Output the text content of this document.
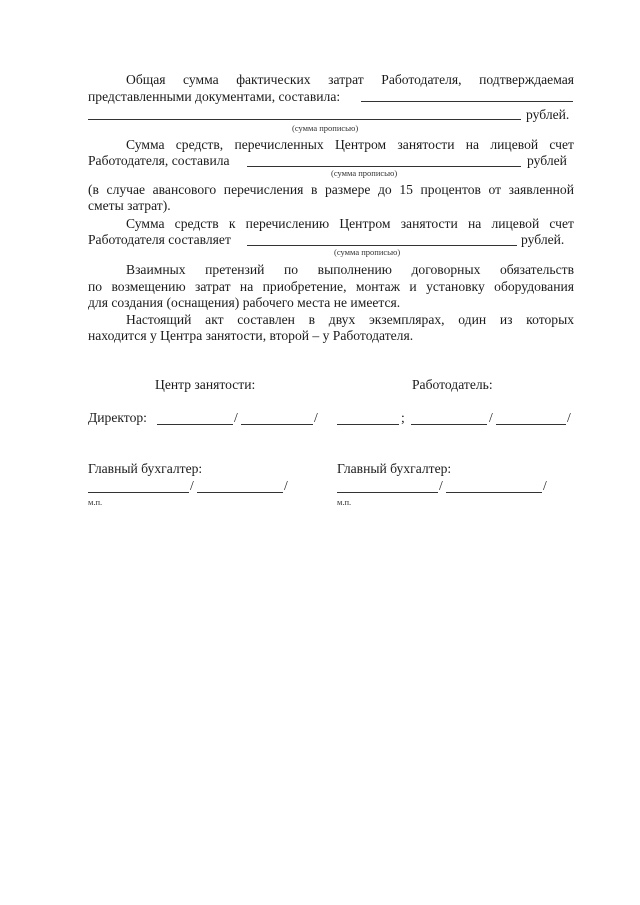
Общая сумма фактических затрат Работодателя, подтверждаемая
представленными документами, составила:
рублей.
(сумма прописью)
Сумма средств, перечисленных Центром занятости на лицевой счет
Работодателя, составила	рублей
(сумма прописью)
(в случае авансового перечисления в размере до 15 процентов от заявленной
сметы затрат).
Сумма средств к перечислению Центром занятости на лицевой счет
Работодателя составляет	рублей.
(сумма прописью)
Взаимных претензий по выполнению договорных обязательств
по возмещению затрат на приобретение, монтаж и установку оборудования
для создания (оснащения) рабочего места не имеется.
Настоящий акт составлен в двух экземплярах, один из которых
находится у Центра занятости, второй – у Работодателя.
Центр занятости:	Работодатель:
Директор:	/	/	;	/	/
Главный бухгалтер:
/	/
м.п.
Главный бухгалтер:
/	/
м.п.
